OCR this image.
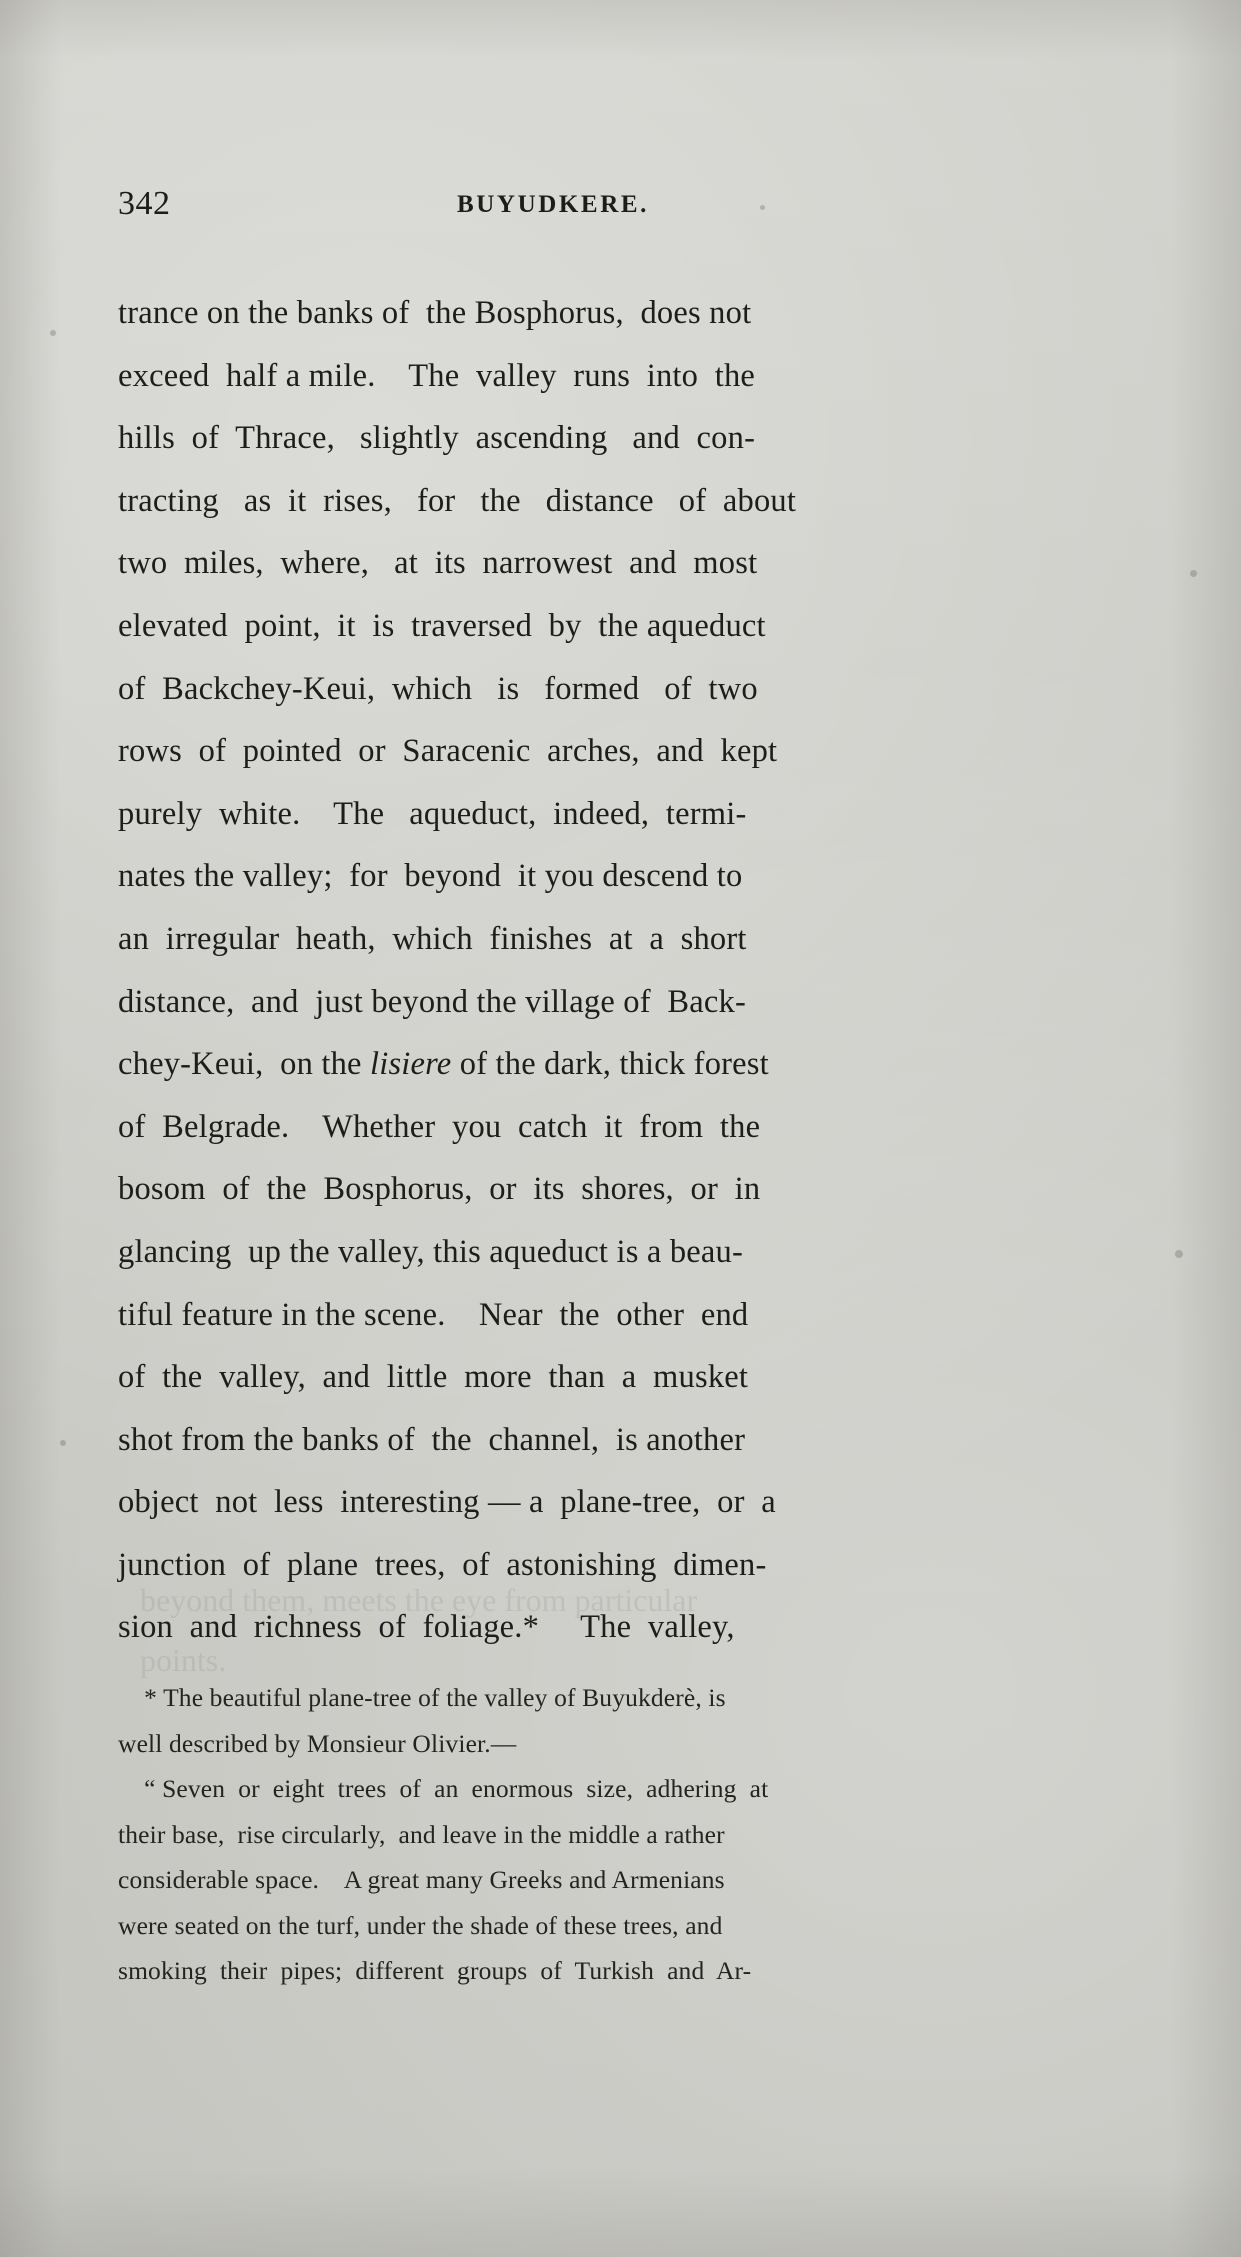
beyond them, meets the eye from particular
points.
342	BUYUDKERE.
trance on the banks of  the Bosphorus,  does not
exceed  half a mile.    The  valley  runs  into  the
hills  of  Thrace,   slightly  ascending   and  con-
tracting   as  it  rises,   for   the   distance   of  about
two  miles,  where,   at  its  narrowest  and  most
elevated  point,  it  is  traversed  by  the aqueduct
of  Backchey-Keui,  which   is   formed   of  two
rows  of  pointed  or  Saracenic  arches,  and  kept
purely  white.    The   aqueduct,  indeed,  termi-
nates the valley;  for  beyond  it you descend to
an  irregular  heath,  which  finishes  at  a  short
distance,  and  just beyond the village of  Back-
chey-Keui,  on the lisiere of the dark, thick forest
of  Belgrade.    Whether  you  catch  it  from  the
bosom  of  the  Bosphorus,  or  its  shores,  or  in
glancing  up the valley, this aqueduct is a beau-
tiful feature in the scene.    Near  the  other  end
of  the  valley,  and  little  more  than  a  musket
shot from the banks of  the  channel,  is another
object  not  less  interesting — a  plane-tree,  or  a
junction  of  plane  trees,  of  astonishing  dimen-
sion  and  richness  of  foliage.*     The  valley,
* The beautiful plane-tree of the valley of Buyukderè, is
well described by Monsieur Olivier.—
“ Seven  or  eight  trees  of  an  enormous  size,  adhering  at
their base,  rise circularly,  and leave in the middle a rather
considerable space.    A great many Greeks and Armenians
were seated on the turf, under the shade of these trees, and
smoking  their  pipes;  different  groups  of  Turkish  and  Ar-
